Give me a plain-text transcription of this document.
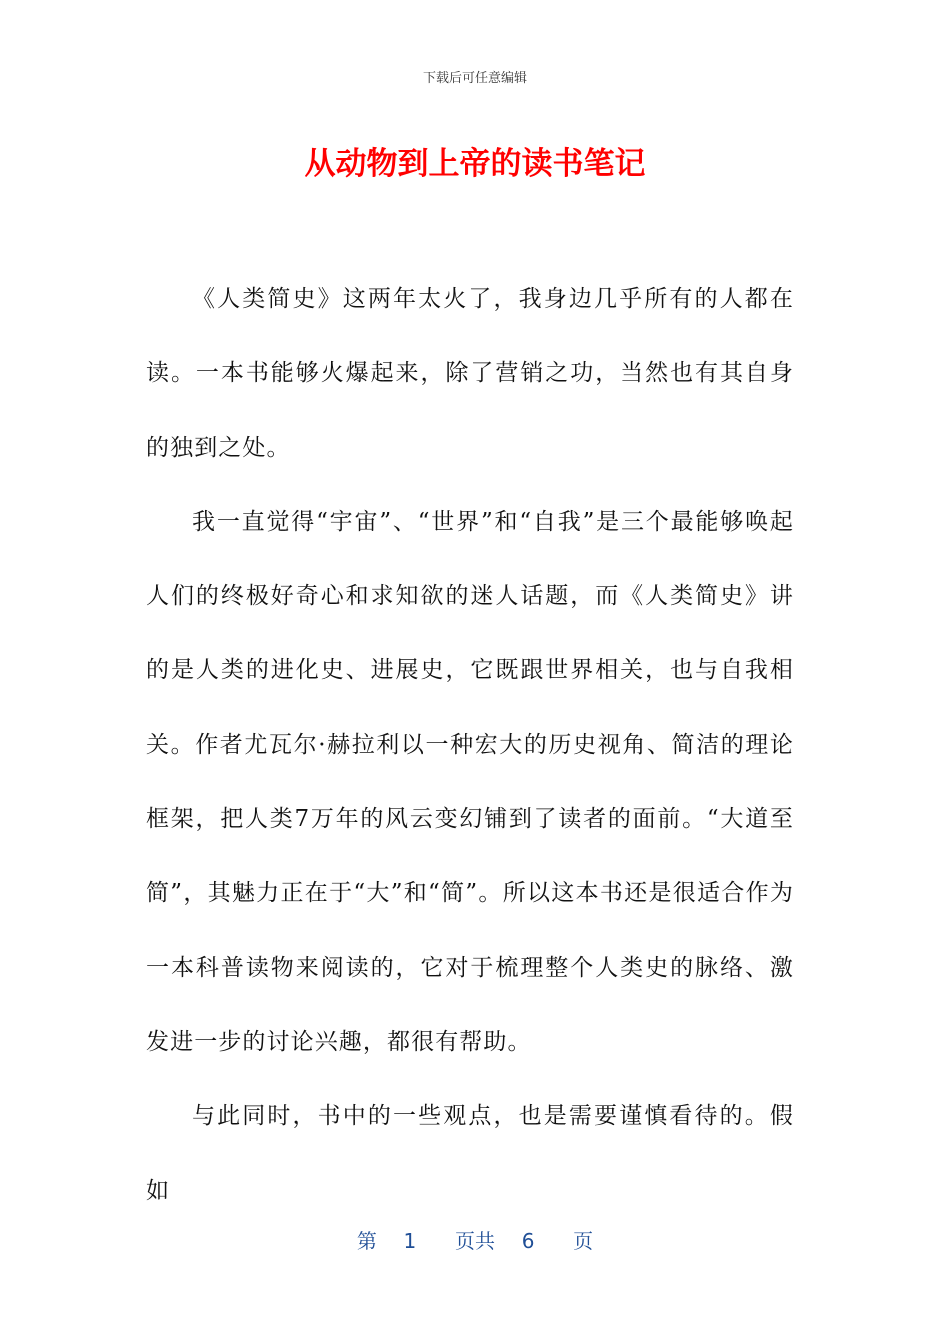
下载后可任意编辑
从动物到上帝的读书笔记

《人类简史》这两年太火了，我身边几乎所有的人都在读。一本书能够火爆起来，除了营销之功，当然也有其自身的独到之处。

我一直觉得“宇宙”、“世界”和“自我”是三个最能够唤起人们的终极好奇心和求知欲的迷人话题，而《人类简史》讲的是人类的进化史、进展史，它既跟世界相关，也与自我相关。作者尤瓦尔·赫拉利以一种宏大的历史视角、简洁的理论框架，把人类7万年的风云变幻铺到了读者的面前。“大道至简”，其魅力正在于“大”和“简”。所以这本书还是很适合作为一本科普读物来阅读的，它对于梳理整个人类史的脉络、激发进一步的讨论兴趣，都很有帮助。

与此同时，书中的一些观点，也是需要谨慎看待的。假如

第 1 页共 6 页
